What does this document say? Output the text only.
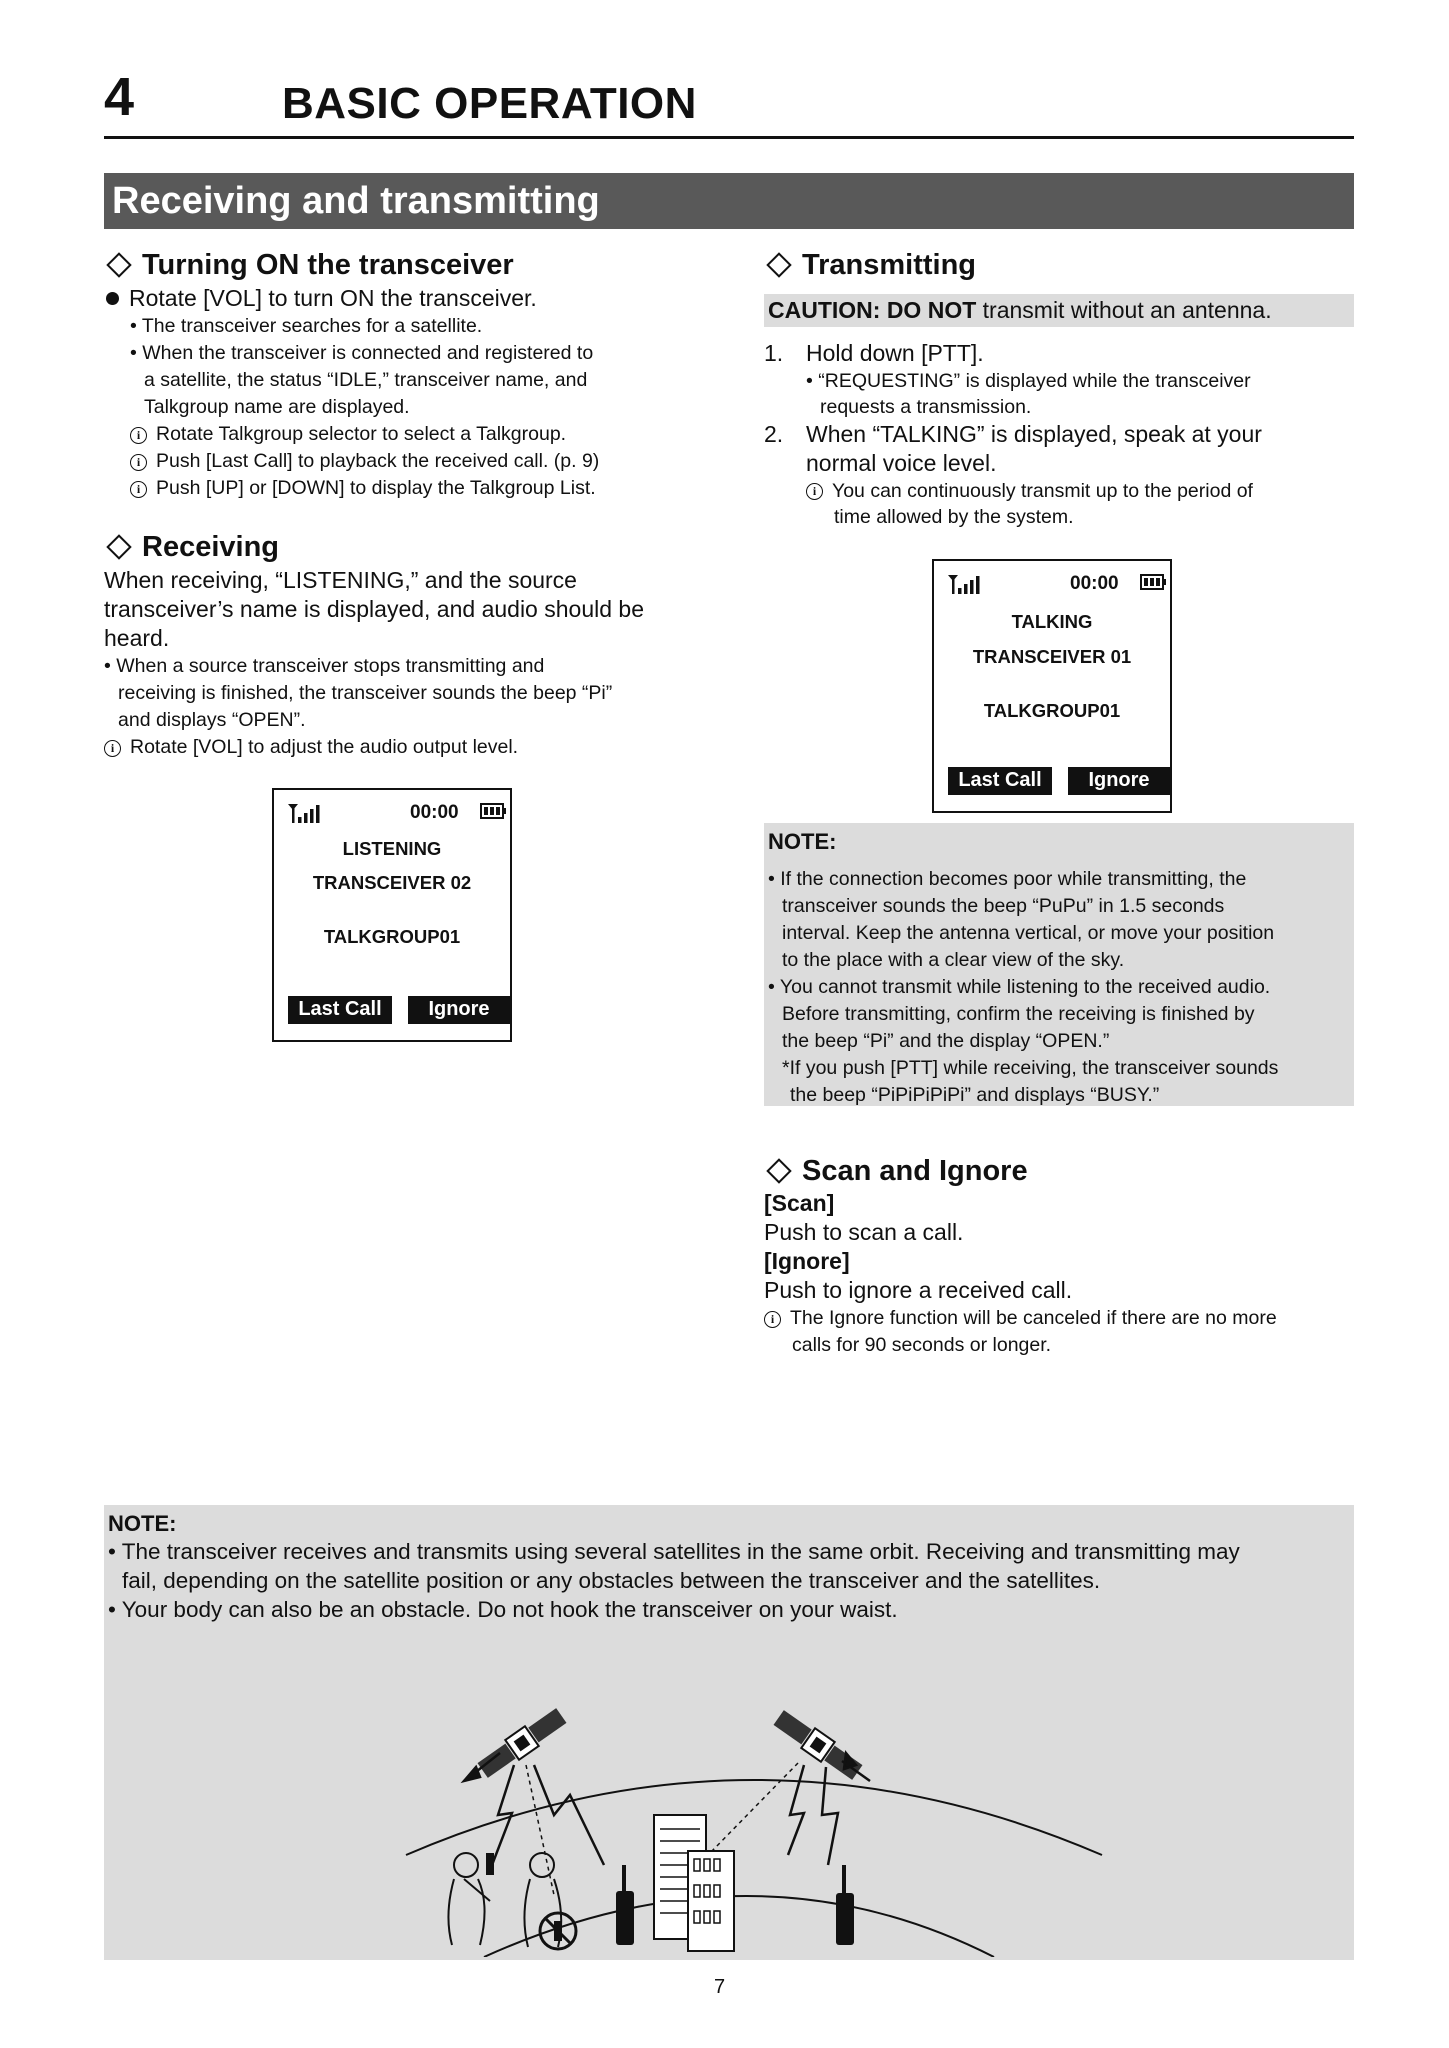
4	BASIC OPERATION
Receiving and transmitting
Turning ON the transceiver
Rotate [VOL] to turn ON the transceiver.
• The transceiver searches for a satellite.
• When the transceiver is connected and registered to
a satellite, the status “IDLE,” transceiver name, and
Talkgroup name are displayed.
i Rotate Talkgroup selector to select a Talkgroup.
i Push [Last Call] to playback the received call. (p. 9)
i Push [UP] or [DOWN] to display the Talkgroup List.
Receiving
When receiving, “LISTENING,” and the source
transceiver’s name is displayed, and audio should be
heard.
• When a source transceiver stops transmitting and
receiving is finished, the transceiver sounds the beep “Pi”
and displays “OPEN”.
i Rotate [VOL] to adjust the audio output level.
00:00
LISTENING
TRANSCEIVER 02
TALKGROUP01
Last Call	Ignore
Transmitting
CAUTION: DO NOT transmit without an antenna.
1. Hold down [PTT].
• “REQUESTING” is displayed while the transceiver
requests a transmission.
2. When “TALKING” is displayed, speak at your
normal voice level.
i You can continuously transmit up to the period of
time allowed by the system.
00:00
TALKING
TRANSCEIVER 01
TALKGROUP01
Last Call	Ignore
NOTE:
• If the connection becomes poor while transmitting, the
transceiver sounds the beep “PuPu” in 1.5 seconds
interval. Keep the antenna vertical, or move your position
to the place with a clear view of the sky.
• You cannot transmit while listening to the received audio.
Before transmitting, confirm the receiving is finished by
the beep “Pi” and the display “OPEN.”
*If you push [PTT] while receiving, the transceiver sounds
the beep “PiPiPiPiPi” and displays “BUSY.”
Scan and Ignore
[Scan]
Push to scan a call.
[Ignore]
Push to ignore a received call.
i The Ignore function will be canceled if there are no more
calls for 90 seconds or longer.
NOTE:
• The transceiver receives and transmits using several satellites in the same orbit. Receiving and transmitting may
fail, depending on the satellite position or any obstacles between the transceiver and the satellites.
• Your body can also be an obstacle. Do not hook the transceiver on your waist.
7
